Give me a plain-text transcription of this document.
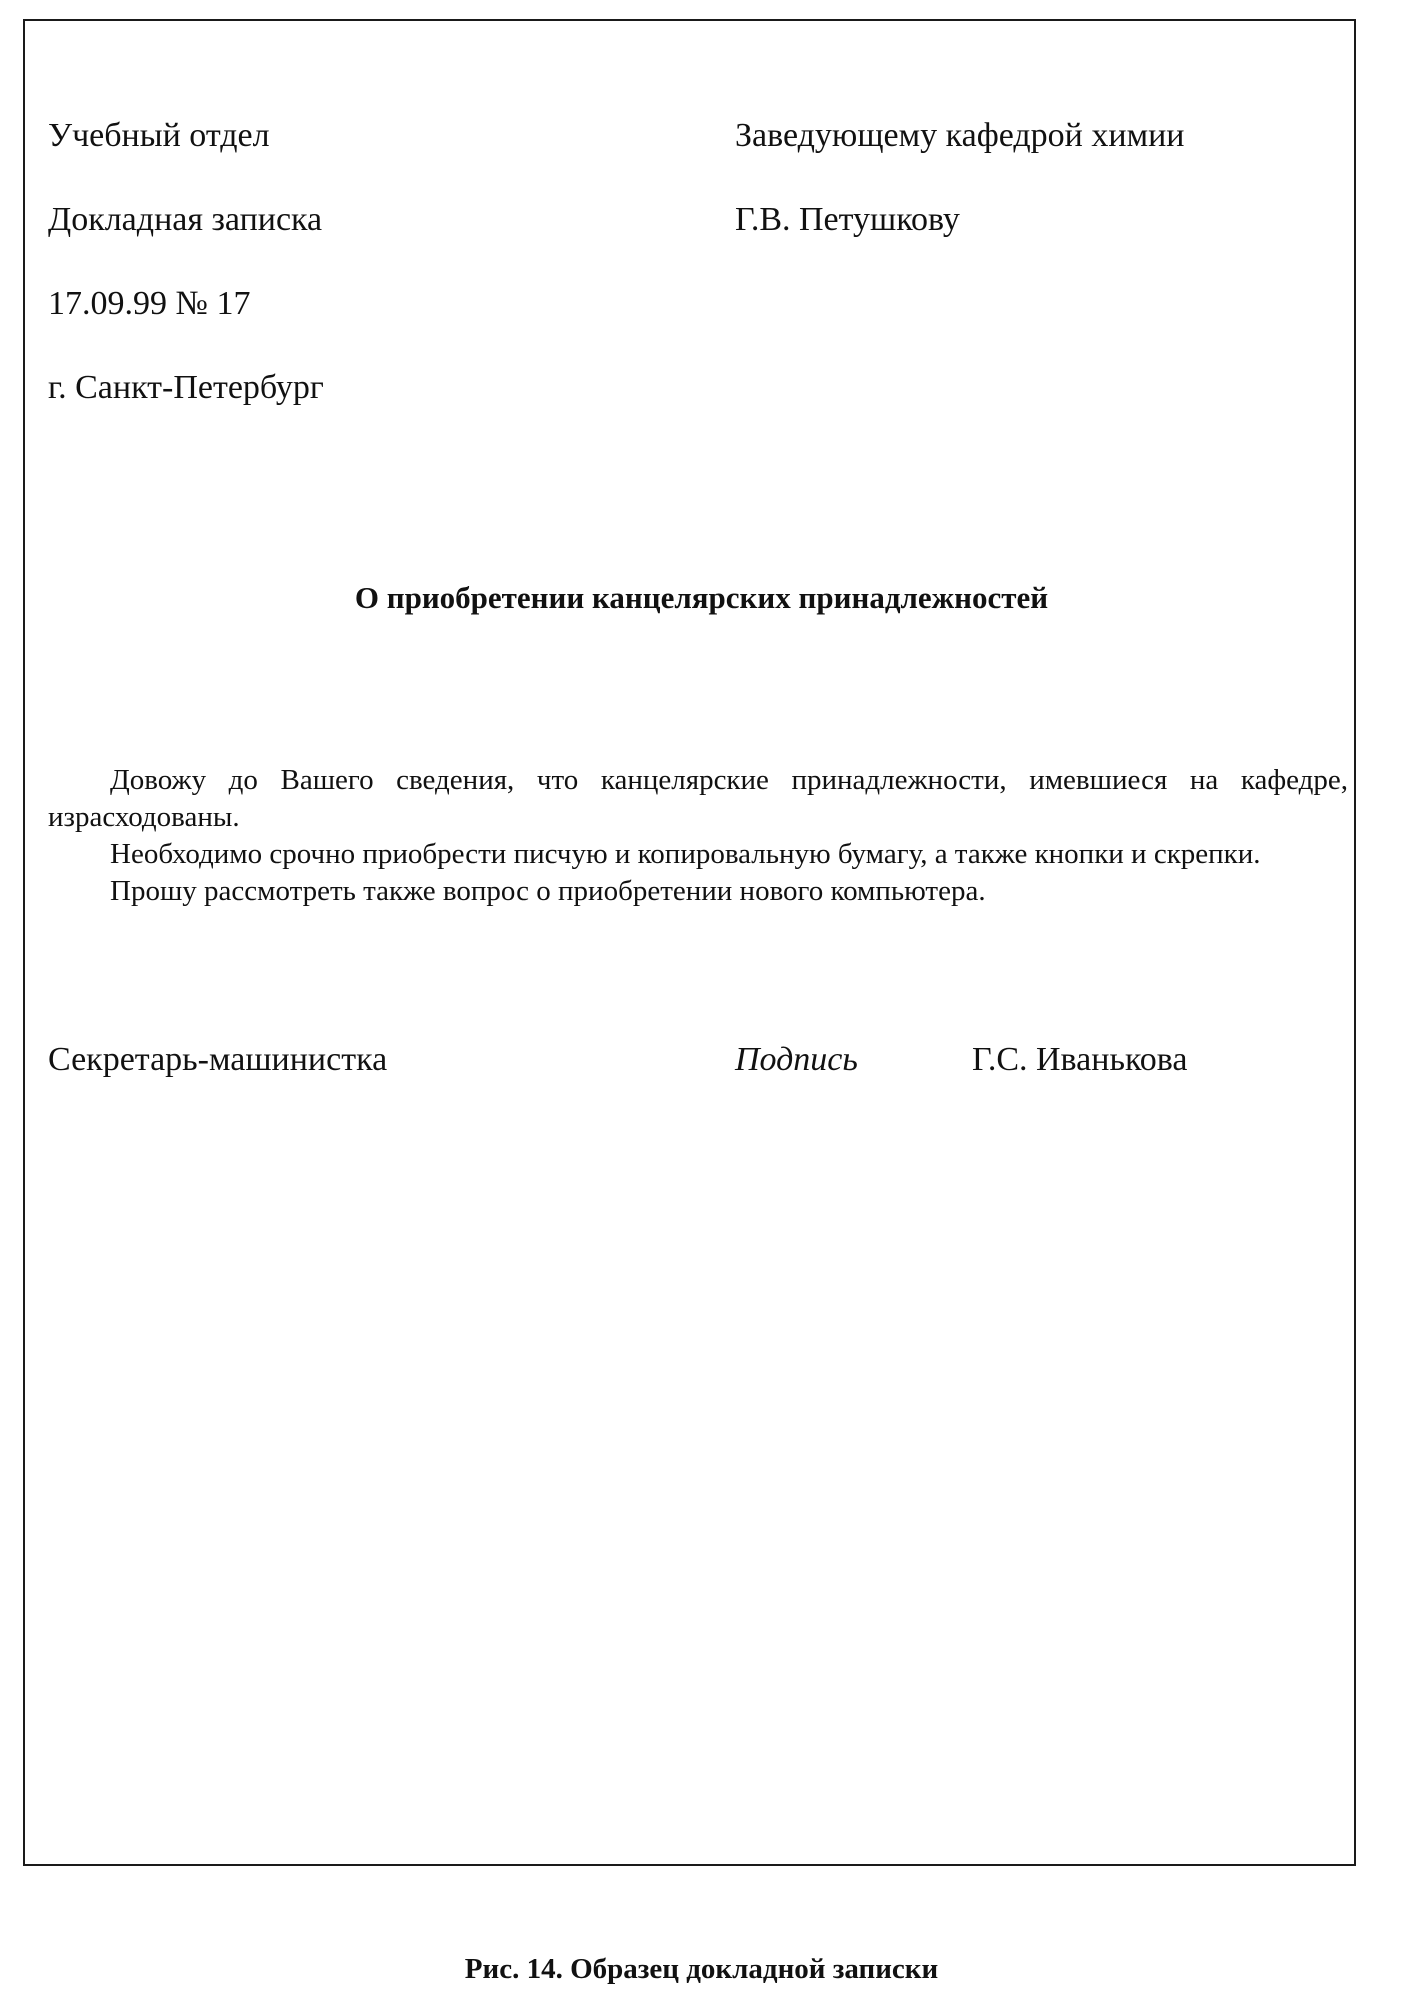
Учебный отдел
Докладная записка
17.09.99 № 17
г. Санкт-Петербург
Заведующему кафедрой химии
Г.В. Петушкову
О приобретении канцелярских принадлежностей

Довожу до Вашего сведения, что канцелярские принадлежности, имевшиеся на кафедре, израсходованы.

Необходимо срочно приобрести писчую и копировальную бумагу, а также кнопки и скрепки.

Прошу рассмотреть также вопрос о приобретении нового компьютера.

Секретарь-машинистка	Подпись	Г.С. Иванькова
Рис. 14. Образец докладной записки
